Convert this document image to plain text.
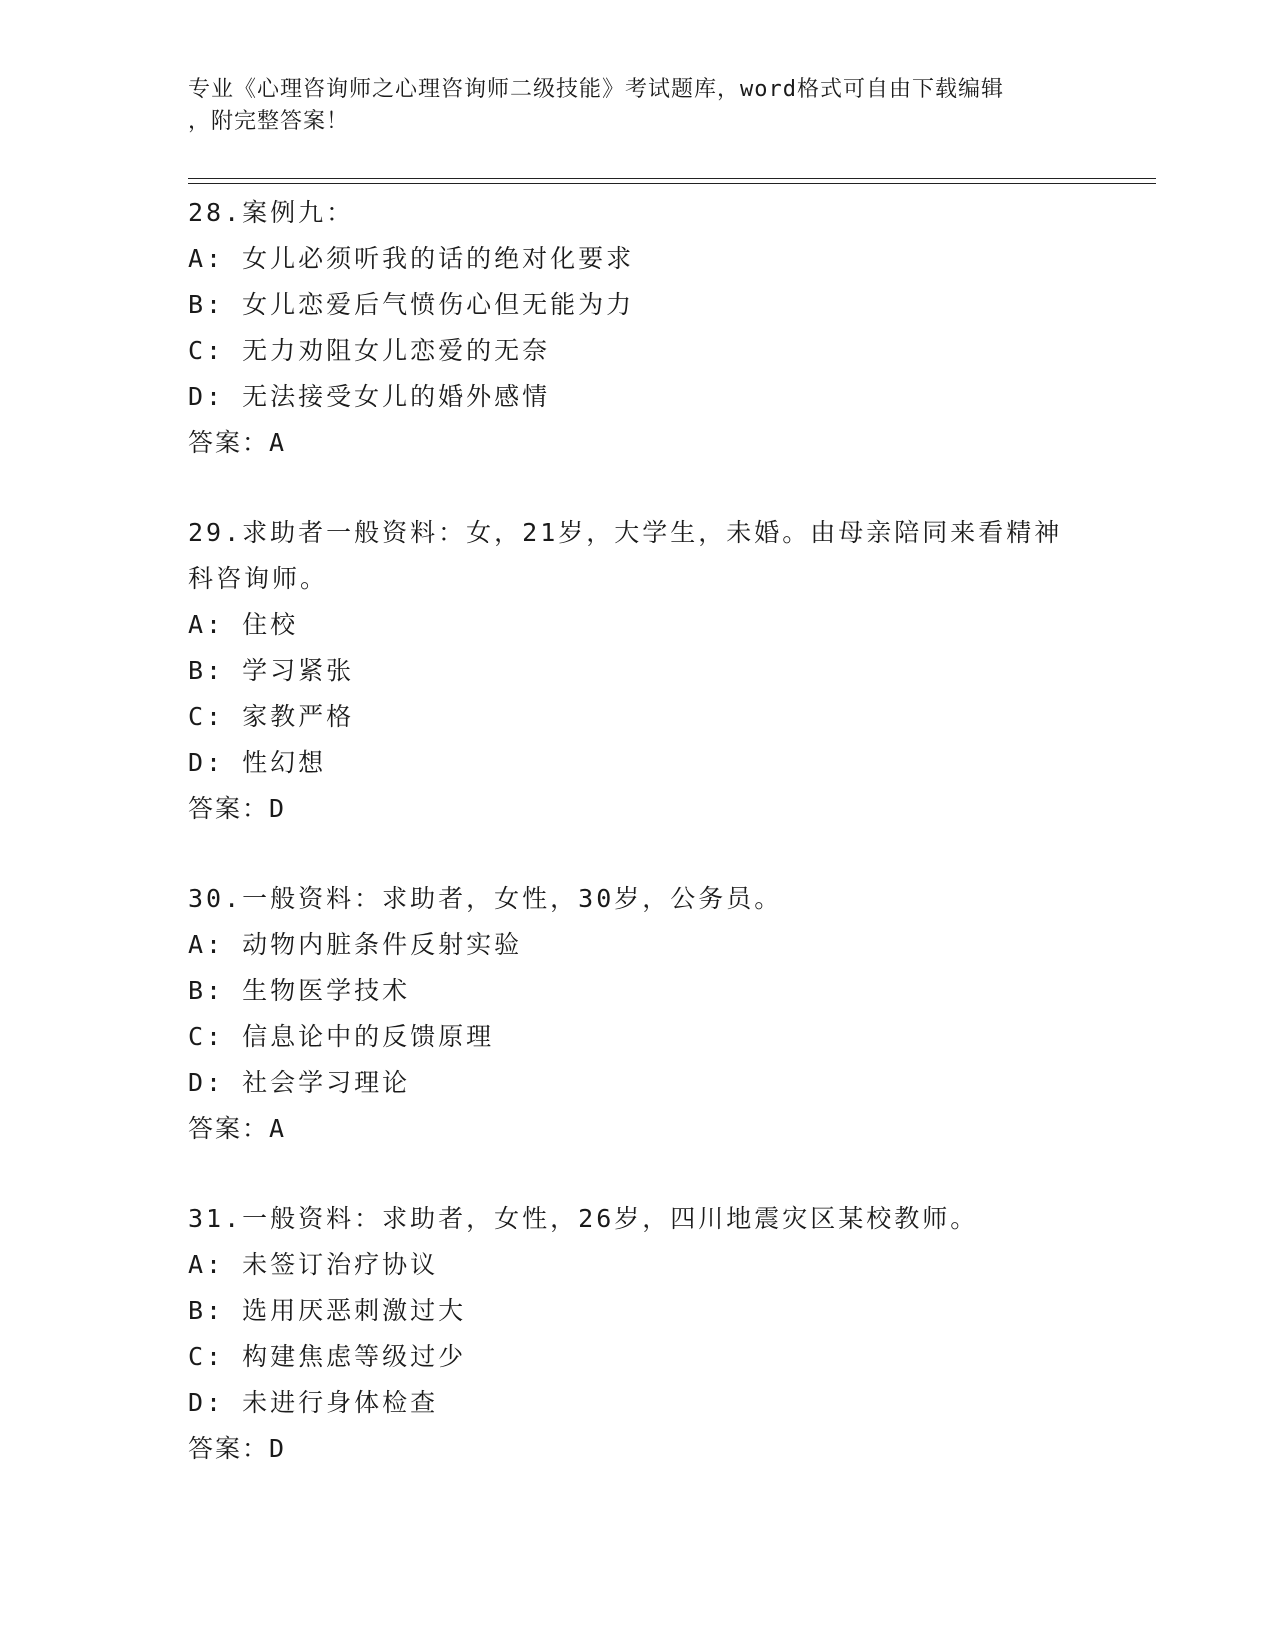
专业《心理咨询师之心理咨询师二级技能》考试题库，word格式可自由下载编辑
，附完整答案！
28.案例九：
A: 女儿必须听我的话的绝对化要求
B: 女儿恋爱后气愤伤心但无能为力
C: 无力劝阻女儿恋爱的无奈
D: 无法接受女儿的婚外感情
答案：A
29.求助者一般资料：女，21岁，大学生，未婚。由母亲陪同来看精神科咨询师。
A: 住校
B: 学习紧张
C: 家教严格
D: 性幻想
答案：D
30.一般资料：求助者，女性，30岁，公务员。
A: 动物内脏条件反射实验
B: 生物医学技术
C: 信息论中的反馈原理
D: 社会学习理论
答案：A
31.一般资料：求助者，女性，26岁，四川地震灾区某校教师。
A: 未签订治疗协议
B: 选用厌恶刺激过大
C: 构建焦虑等级过少
D: 未进行身体检查
答案：D
